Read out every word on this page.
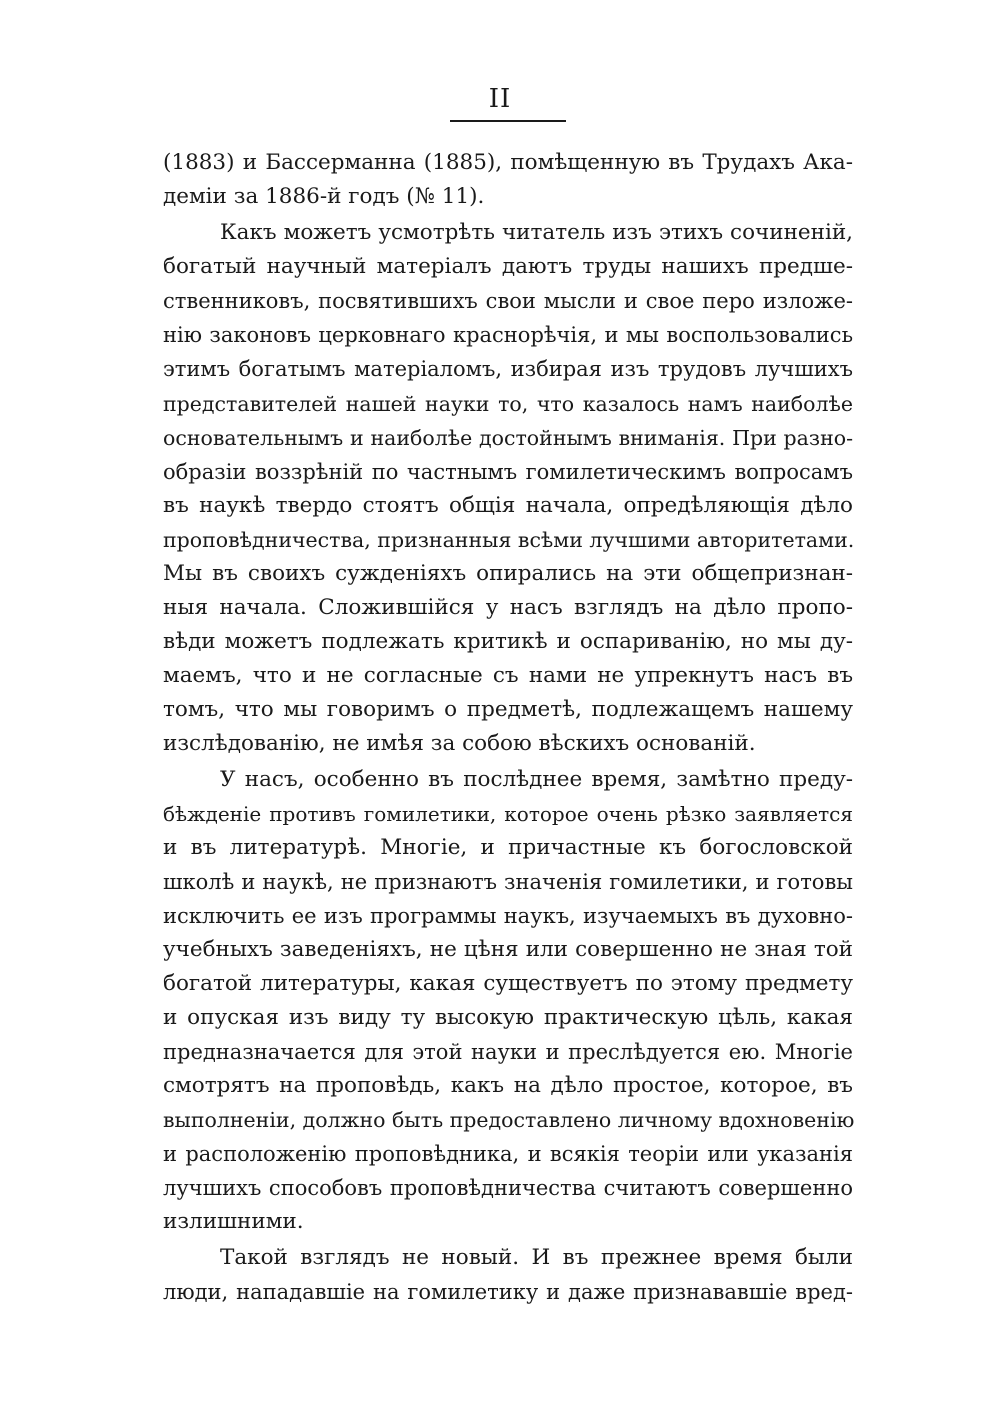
II
(1883) и Бассерманна (1885), помѣщенную въ Трудахъ Ака-
деміи за 1886-й годъ (№ 11).
Какъ можетъ усмотрѣть читатель изъ этихъ сочиненій,
богатый научный матеріалъ даютъ труды нашихъ предше-
ственниковъ, посвятившихъ свои мысли и свое перо изложе-
нію законовъ церковнаго краснорѣчія, и мы воспользовались
этимъ богатымъ матеріаломъ, избирая изъ трудовъ лучшихъ
представителей нашей науки то, что казалось намъ наиболѣе
основательнымъ и наиболѣе достойнымъ вниманія. При разно-
образіи воззрѣній по частнымъ гомилетическимъ вопросамъ
въ наукѣ твердо стоятъ общія начала, опредѣляющія дѣло
проповѣдничества, признанныя всѣми лучшими авторитетами.
Мы въ своихъ сужденіяхъ опирались на эти общепризнан-
ныя начала. Сложившійся у насъ взглядъ на дѣло пропо-
вѣди можетъ подлежать критикѣ и оспариванію, но мы ду-
маемъ, что и не согласные съ нами не упрекнутъ насъ въ
томъ, что мы говоримъ о предметѣ, подлежащемъ нашему
изслѣдованію, не имѣя за собою вѣскихъ основаній.
У насъ, особенно въ послѣднее время, замѣтно преду-
бѣжденіе противъ гомилетики, которое очень рѣзко заявляется
и въ литературѣ. Многіе, и причастные къ богословской
школѣ и наукѣ, не признаютъ значенія гомилетики, и готовы
исключить ее изъ программы наукъ, изучаемыхъ въ духовно-
учебныхъ заведеніяхъ, не цѣня или совершенно не зная той
богатой литературы, какая существуетъ по этому предмету
и опуская изъ виду ту высокую практическую цѣль, какая
предназначается для этой науки и преслѣдуется ею. Многіе
смотрятъ на проповѣдь, какъ на дѣло простое, которое, въ
выполненіи, должно быть предоставлено личному вдохновенію
и расположенію проповѣдника, и всякія теоріи или указанія
лучшихъ способовъ проповѣдничества считаютъ совершенно
излишними.
Такой взглядъ не новый. И въ прежнее время были
люди, нападавшіе на гомилетику и даже признававшіе вред-
